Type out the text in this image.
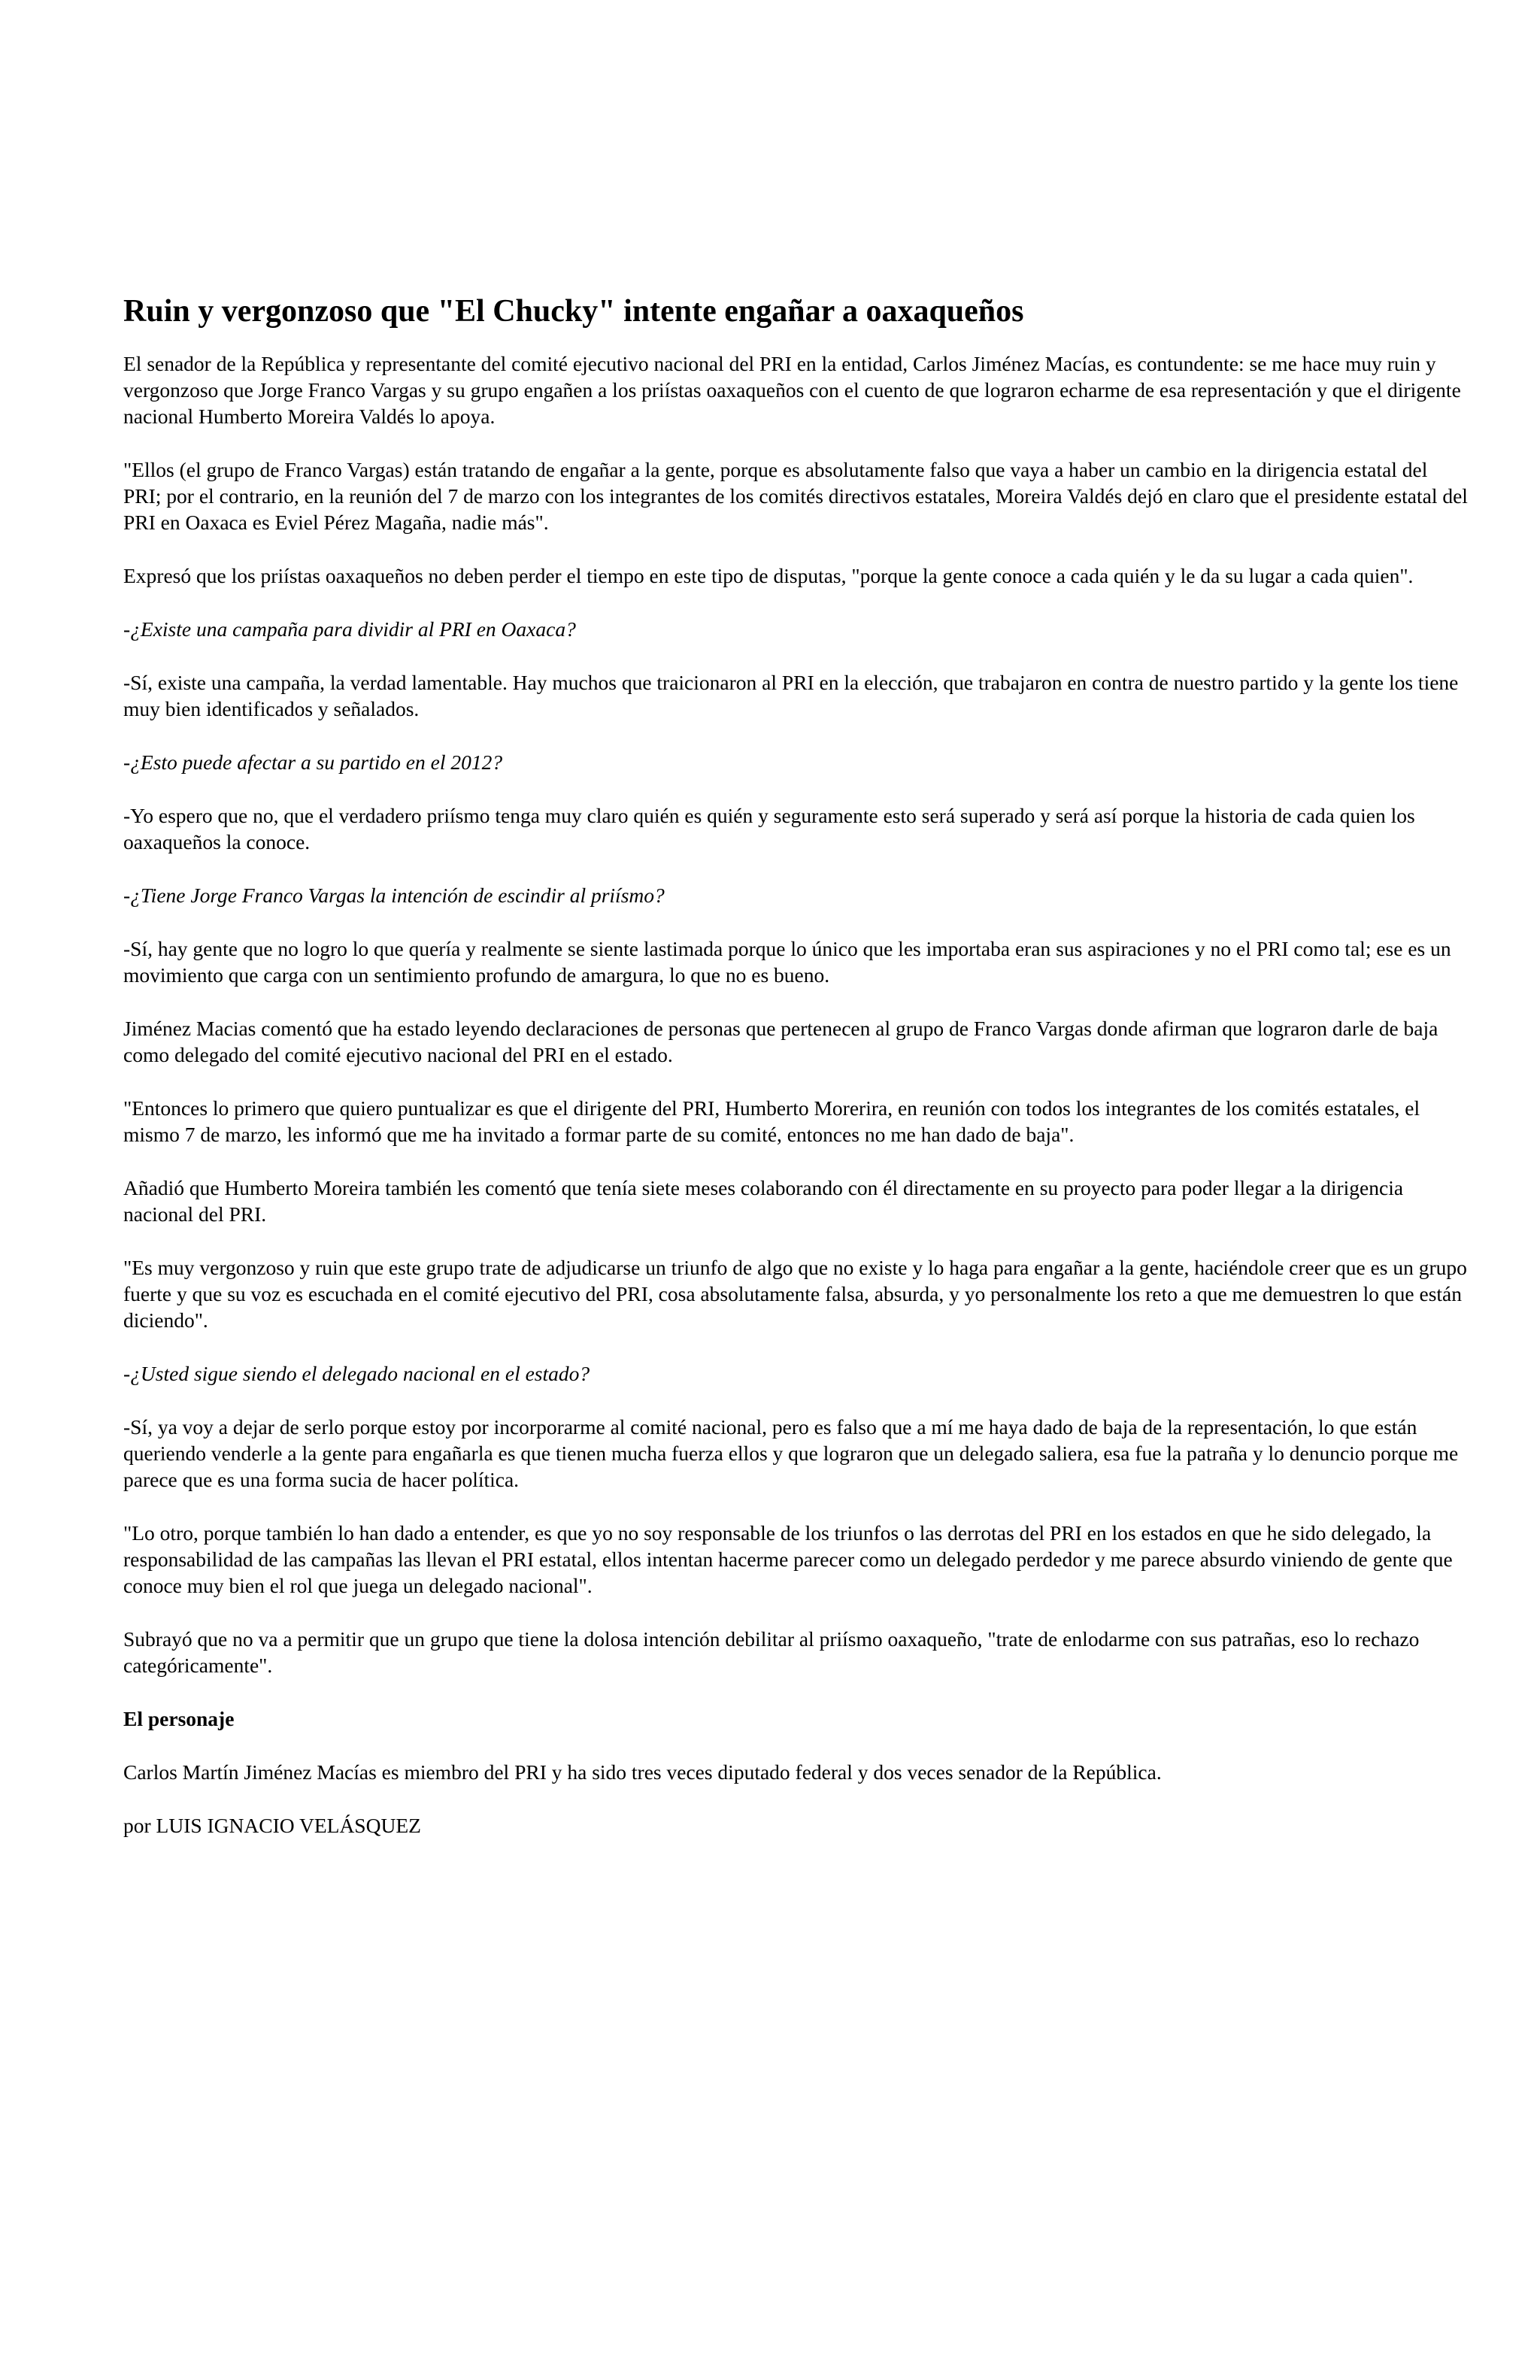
Ruin y vergonzoso que "El Chucky" intente engañar a oaxaqueños

El senador de la República y representante del comité ejecutivo nacional del PRI en la entidad, Carlos Jiménez Macías, es contundente: se me hace muy ruin y vergonzoso que Jorge Franco Vargas y su grupo engañen a los priístas oaxaqueños con el cuento de que lograron echarme de esa representación y que el dirigente nacional Humberto Moreira Valdés lo apoya.

"Ellos (el grupo de Franco Vargas) están tratando de engañar a la gente, porque es absolutamente falso que vaya a haber un cambio en la dirigencia estatal del PRI; por el contrario, en la reunión del 7 de marzo con los integrantes de los comités directivos estatales, Moreira Valdés dejó en claro que el presidente estatal del PRI en Oaxaca es Eviel Pérez Magaña, nadie más".

Expresó que los priístas oaxaqueños no deben perder el tiempo en este tipo de disputas, "porque la gente conoce a cada quién y le da su lugar a cada quien".

-¿Existe una campaña para dividir al PRI en Oaxaca?

-Sí, existe una campaña, la verdad lamentable. Hay muchos que traicionaron al PRI en la elección, que trabajaron en contra de nuestro partido y la gente los tiene muy bien identificados y señalados.

-¿Esto puede afectar a su partido en el 2012?

-Yo espero que no, que el verdadero priísmo tenga muy claro quién es quién y seguramente esto será superado y será así porque la historia de cada quien los oaxaqueños la conoce.

-¿Tiene Jorge Franco Vargas la intención de escindir al priísmo?

-Sí, hay gente que no logro lo que quería y realmente se siente lastimada porque lo único que les importaba eran sus aspiraciones y no el PRI como tal; ese es un movimiento que carga con un sentimiento profundo de amargura, lo que no es bueno.

Jiménez Macias comentó que ha estado leyendo declaraciones de personas que pertenecen al grupo de Franco Vargas donde afirman que lograron darle de baja como delegado del comité ejecutivo nacional del PRI en el estado.

"Entonces lo primero que quiero puntualizar es que el dirigente del PRI, Humberto Morerira, en reunión con todos los integrantes de los comités estatales, el mismo 7 de marzo, les informó que me ha invitado a formar parte de su comité, entonces no me han dado de baja".

Añadió que Humberto Moreira también les comentó que tenía siete meses colaborando con él directamente en su proyecto para poder llegar a la dirigencia nacional del PRI.

"Es muy vergonzoso y ruin que este grupo trate de adjudicarse un triunfo de algo que no existe y lo haga para engañar a la gente, haciéndole creer que es un grupo fuerte y que su voz es escuchada en el comité ejecutivo del PRI, cosa absolutamente falsa, absurda, y yo personalmente los reto a que me demuestren lo que están diciendo".

-¿Usted sigue siendo el delegado nacional en el estado?

-Sí, ya voy a dejar de serlo porque estoy por incorporarme al comité nacional, pero es falso que a mí me haya dado de baja de la representación, lo que están queriendo venderle a la gente para engañarla es que tienen mucha fuerza ellos y que lograron que un delegado saliera, esa fue la patraña y lo denuncio porque me parece que es una forma sucia de hacer política.

"Lo otro, porque también lo han dado a entender, es que yo no soy responsable de los triunfos o las derrotas del PRI en los estados en que he sido delegado, la responsabilidad de las campañas las llevan el PRI estatal, ellos intentan hacerme parecer como un delegado perdedor y me parece absurdo viniendo de gente que conoce muy bien el rol que juega un delegado nacional".

Subrayó que no va a permitir que un grupo que tiene la dolosa intención debilitar al priísmo oaxaqueño, "trate de enlodarme con sus patrañas, eso lo rechazo categóricamente".

El personaje

Carlos Martín Jiménez Macías es miembro del PRI y ha sido tres veces diputado federal y dos veces senador de la República.

por LUIS IGNACIO VELÁSQUEZ
